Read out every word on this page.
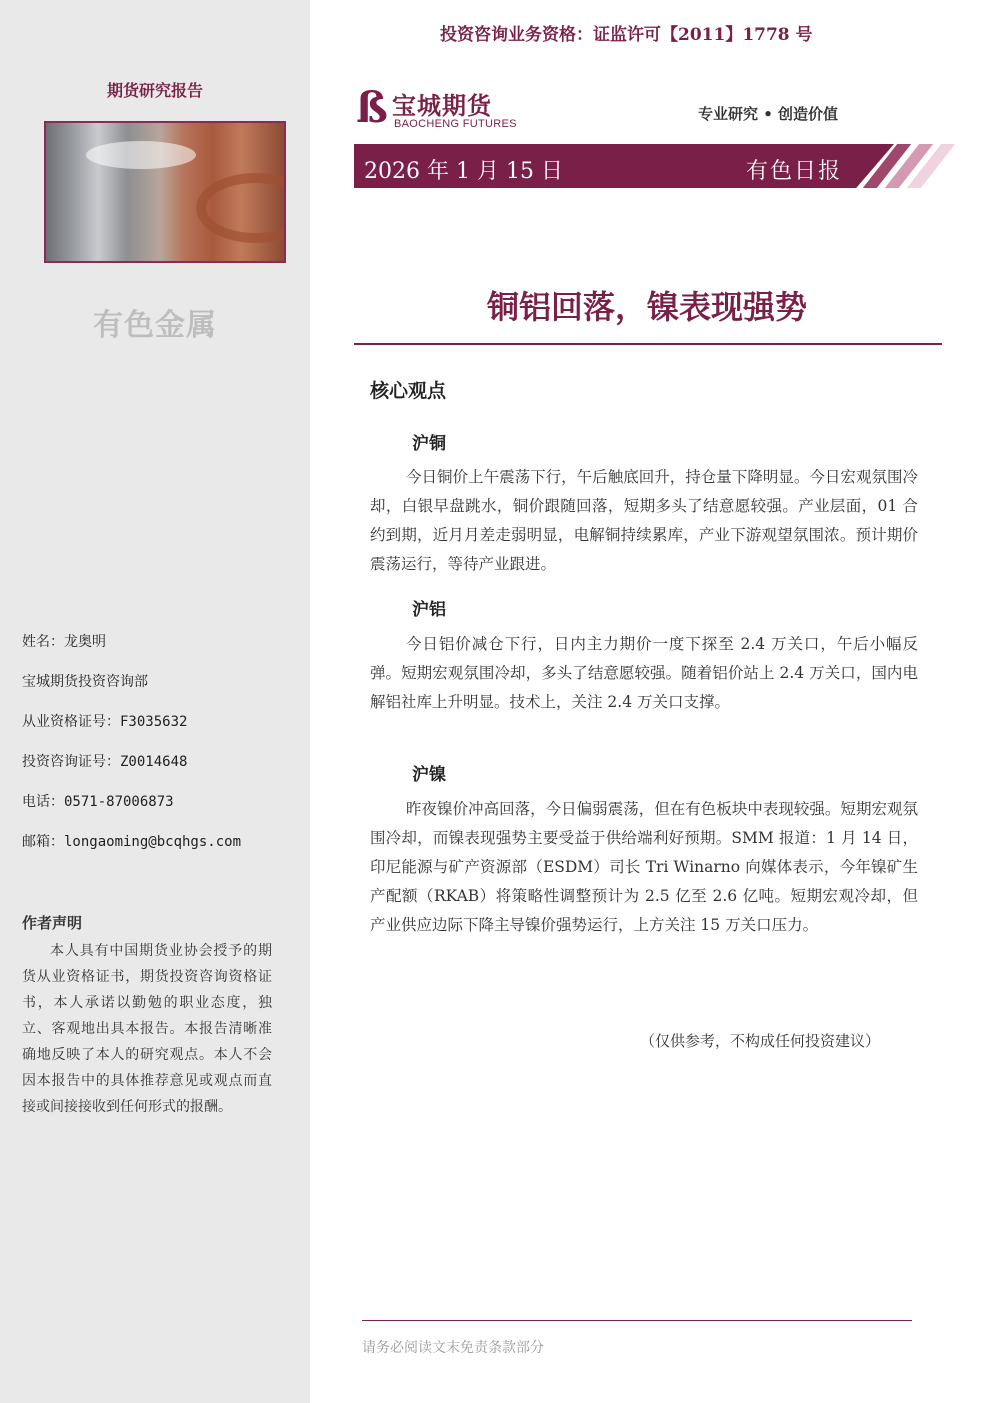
期货研究报告
有色金属
姓名：龙奥明
宝城期货投资咨询部
从业资格证号：F3035632
投资咨询证号：Z0014648
电话：0571-87006873
邮箱：longaoming@bcqhgs.com
作者声明
本人具有中国期货业协会授予的期货从业资格证书，期货投资咨询资格证书，本人承诺以勤勉的职业态度，独立、客观地出具本报告。本报告清晰准确地反映了本人的研究观点。本人不会因本报告中的具体推荐意见或观点而直接或间接接收到任何形式的报酬。
投资咨询业务资格：证监许可【2011】1778 号
ß 宝城期货
BAOCHENG FUTURES
专业研究 • 创造价值
2026 年 1 月 15 日	有色日报
铜铝回落，镍表现强势
核心观点
沪铜
今日铜价上午震荡下行，午后触底回升，持仓量下降明显。今日宏观氛围冷却，白银早盘跳水，铜价跟随回落，短期多头了结意愿较强。产业层面，01 合约到期，近月月差走弱明显，电解铜持续累库，产业下游观望氛围浓。预计期价震荡运行，等待产业跟进。
沪铝
今日铝价减仓下行，日内主力期价一度下探至 2.4 万关口，午后小幅反弹。短期宏观氛围冷却，多头了结意愿较强。随着铝价站上 2.4 万关口，国内电解铝社库上升明显。技术上，关注 2.4 万关口支撑。
沪镍
昨夜镍价冲高回落，今日偏弱震荡，但在有色板块中表现较强。短期宏观氛围冷却，而镍表现强势主要受益于供给端利好预期。SMM 报道：1 月 14 日，印尼能源与矿产资源部（ESDM）司长 Tri Winarno 向媒体表示，今年镍矿生产配额（RKAB）将策略性调整预计为 2.5 亿至 2.6 亿吨。短期宏观冷却，但产业供应边际下降主导镍价强势运行，上方关注 15 万关口压力。
（仅供参考，不构成任何投资建议）
请务必阅读文末免责条款部分
